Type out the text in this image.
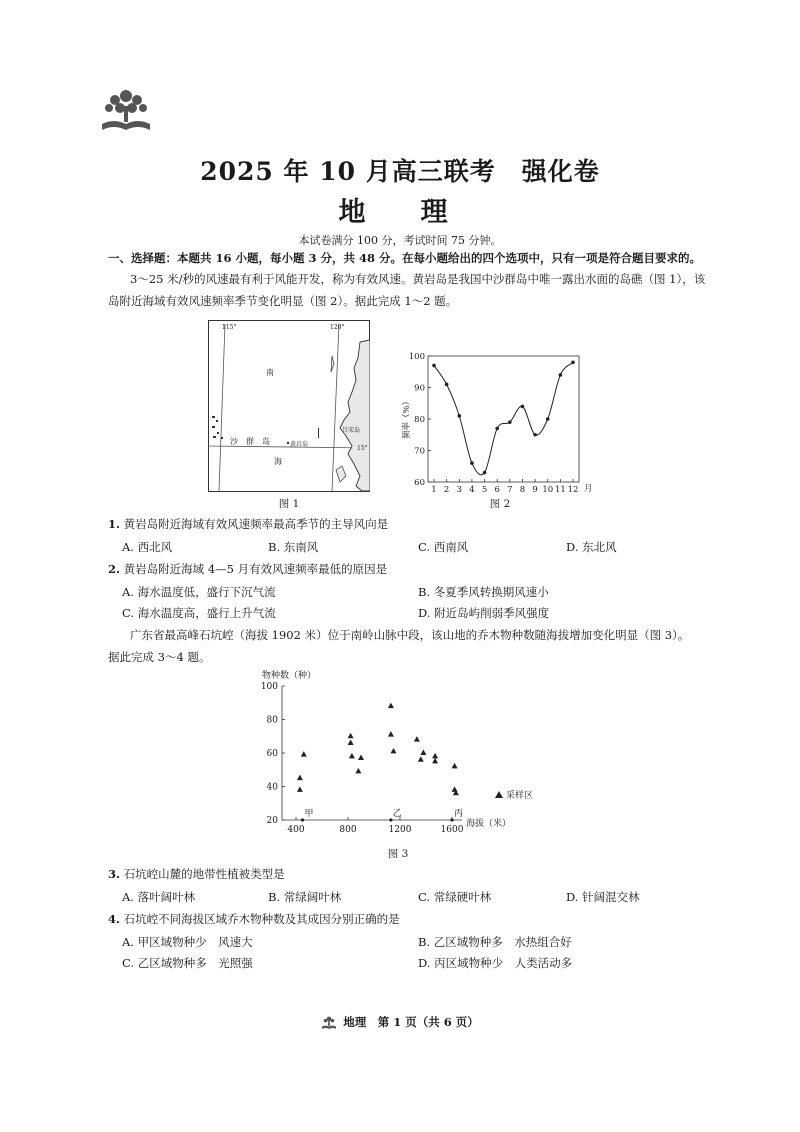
2025 年 10 月高三联考　强化卷
地　理
本试卷满分 100 分，考试时间 75 分钟。
一、选择题：本题共 16 小题，每小题 3 分，共 48 分。在每小题给出的四个选项中，只有一项是符合题目要求的。
3～25 米/秒的风速最有利于风能开发，称为有效风速。黄岩岛是我国中沙群岛中唯一露出水面的岛礁（图 1），该
岛附近海域有效风速频率季节变化明显（图 2）。据此完成 1～2 题。
115°	120°
15°
南
沙　群　岛	黄岩岛
海
吕宋岛
图 1
60
70
80
90
100
1 2 3 4 5 6 7 8 9 10 11 12
频率（%）
月
图 2
1. 黄岩岛附近海域有效风速频率最高季节的主导风向是
A. 西北风	B. 东南风	C. 西南风	D. 东北风
2. 黄岩岛附近海域 4—5 月有效风速频率最低的原因是
A. 海水温度低，盛行下沉气流	B. 冬夏季风转换期风速小
C. 海水温度高，盛行上升气流	D. 附近岛屿削弱季风强度
广东省最高峰石坑崆（海拔 1902 米）位于南岭山脉中段，该山地的乔木物种数随海拔增加变化明显（图 3）。
据此完成 3～4 题。
20
40
60
80
100
400	800	1200	1600
甲	乙	丙
物种数（种）
海拔（米）
采样区
图 3
3. 石坑崆山麓的地带性植被类型是
A. 落叶阔叶林	B. 常绿阔叶林	C. 常绿硬叶林	D. 针阔混交林
4. 石坑崆不同海拔区域乔木物种数及其成因分别正确的是
A. 甲区域物种少　风速大	B. 乙区域物种多　水热组合好
C. 乙区域物种多　光照强	D. 丙区域物种少　人类活动多
地理　第 1 页（共 6 页）
